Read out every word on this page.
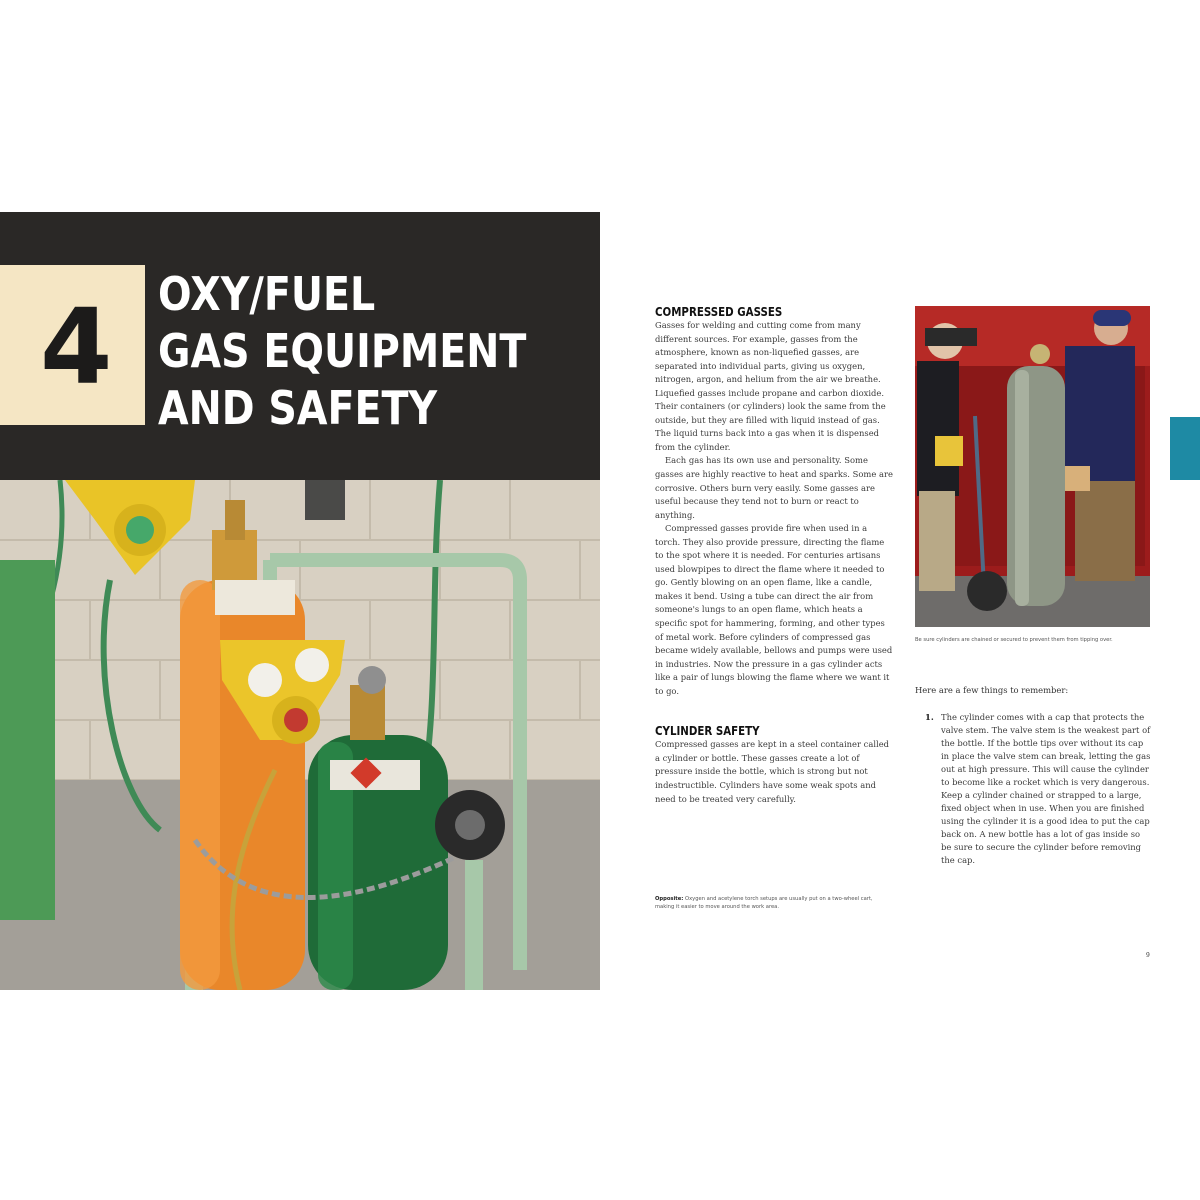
4 OXY/FUEL
GAS EQUIPMENT
AND SAFETY
COMPRESSED GASSES

Gasses for welding and cutting come from many different sources. For example, gasses from the atmosphere, known as non-liquefied gasses, are separated into individual parts, giving us oxygen, nitrogen, argon, and helium from the air we breathe. Liquefied gasses include propane and carbon dioxide. Their containers (or cylinders) look the same from the outside, but they are filled with liquid instead of gas. The liquid turns back into a gas when it is dispensed from the cylinder.

Each gas has its own use and personality. Some gasses are highly reactive to heat and sparks. Some are corrosive. Others burn very easily. Some gasses are useful because they tend not to burn or react to anything.

Compressed gasses provide fire when used in a torch. They also provide pressure, directing the flame to the spot where it is needed. For centuries artisans used blowpipes to direct the flame where it needed to go. Gently blowing on an open flame, like a candle, makes it bend. Using a tube can direct the air from someone's lungs to an open flame, which heats a specific spot for hammering, forming, and other types of metal work. Before cylinders of compressed gas became widely available, bellows and pumps were used in industries. Now the pressure in a gas cylinder acts like a pair of lungs blowing the flame where we want it to go.

CYLINDER SAFETY

Compressed gasses are kept in a steel container called a cylinder or bottle. These gasses create a lot of pressure inside the bottle, which is strong but not indestructible. Cylinders have some weak spots and need to be treated very carefully.

Opposite: Oxygen and acetylene torch setups are usually put on a two-wheel cart, making it easier to move around the work area.
Be sure cylinders are chained or secured to prevent them from tipping over.
Here are a few things to remember:
1. The cylinder comes with a cap that protects the valve stem. The valve stem is the weakest part of the bottle. If the bottle tips over without its cap in place the valve stem can break, letting the gas out at high pressure. This will cause the cylinder to become like a rocket which is very dangerous. Keep a cylinder chained or strapped to a large, fixed object when in use. When you are finished using the cylinder it is a good idea to put the cap back on. A new bottle has a lot of gas inside so be sure to secure the cylinder before removing the cap.
9
